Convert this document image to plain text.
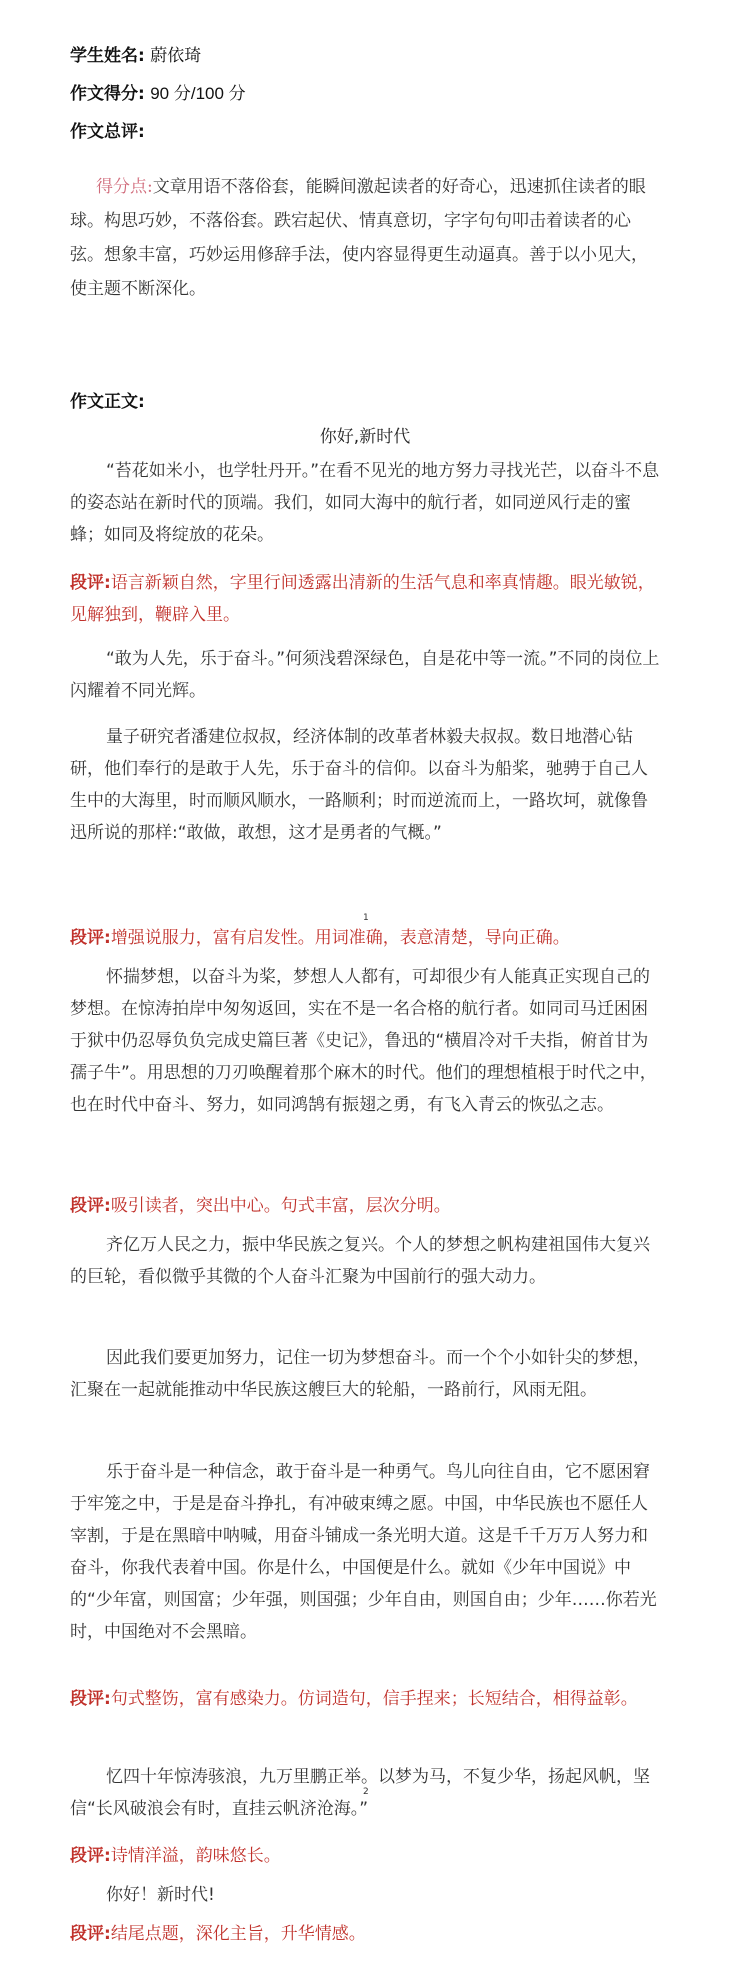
学生姓名: 蔚依琦
作文得分: 90 分/100 分
作文总评:

得分点:文章用语不落俗套，能瞬间激起读者的好奇心，迅速抓住读者的眼球。构思巧妙，不落俗套。跌宕起伏、情真意切，字字句句叩击着读者的心弦。想象丰富，巧妙运用修辞手法，使内容显得更生动逼真。善于以小见大，使主题不断深化。

作文正文:
你好,新时代

“苔花如米小，也学牡丹开。”在看不见光的地方努力寻找光芒，以奋斗不息的姿态站在新时代的顶端。我们，如同大海中的航行者，如同逆风行走的蜜蜂；如同及将绽放的花朵。

段评:语言新颖自然，字里行间透露出清新的生活气息和率真情趣。眼光敏锐，见解独到，鞭辟入里。

“敢为人先，乐于奋斗。”何须浅碧深绿色，自是花中等一流。”不同的岗位上闪耀着不同光辉。

量子研究者潘建位叔叔，经济体制的改革者林毅夫叔叔。数日地潜心钻研，他们奉行的是敢于人先，乐于奋斗的信仰。以奋斗为船桨，驰骋于自己人生中的大海里，时而顺风顺水，一路顺利；时而逆流而上，一路坎坷，就像鲁迅所说的那样:“敢做，敢想，这才是勇者的气概。”

1

段评:增强说服力，富有启发性。用词准确，表意清楚，导向正确。

怀揣梦想，以奋斗为桨，梦想人人都有，可却很少有人能真正实现自己的梦想。在惊涛拍岸中匆匆返回，实在不是一名合格的航行者。如同司马迁困困于狱中仍忍辱负负完成史篇巨著《史记》，鲁迅的“横眉冷对千夫指，俯首甘为孺子牛”。用思想的刀刃唤醒着那个麻木的时代。他们的理想植根于时代之中，也在时代中奋斗、努力，如同鸿鹄有振翅之勇，有飞入青云的恢弘之志。

段评:吸引读者，突出中心。句式丰富，层次分明。

齐亿万人民之力，振中华民族之复兴。个人的梦想之帆构建祖国伟大复兴的巨轮，看似微乎其微的个人奋斗汇聚为中国前行的强大动力。

因此我们要更加努力，记住一切为梦想奋斗。而一个个小如针尖的梦想，汇聚在一起就能推动中华民族这艘巨大的轮船，一路前行，风雨无阻。

乐于奋斗是一种信念，敢于奋斗是一种勇气。鸟儿向往自由，它不愿困窘于牢笼之中，于是是奋斗挣扎，有冲破束缚之愿。中国，中华民族也不愿任人宰割，于是在黑暗中呐喊，用奋斗铺成一条光明大道。这是千千万万人努力和奋斗，你我代表着中国。你是什么，中国便是什么。就如《少年中国说》中的“少年富，则国富；少年强，则国强；少年自由，则国自由；少年……你若光时，中国绝对不会黑暗。

段评:句式整饬，富有感染力。仿词造句，信手捏来；长短结合，相得益彰。

忆四十年惊涛骇浪，九万里鹏正举。以梦为马，不复少华，扬起风帆，坚信“长风破浪会有时，直挂云帆济沧海。”

2

段评:诗情洋溢，韵味悠长。

你好！新时代!

段评:结尾点题，深化主旨，升华情感。
